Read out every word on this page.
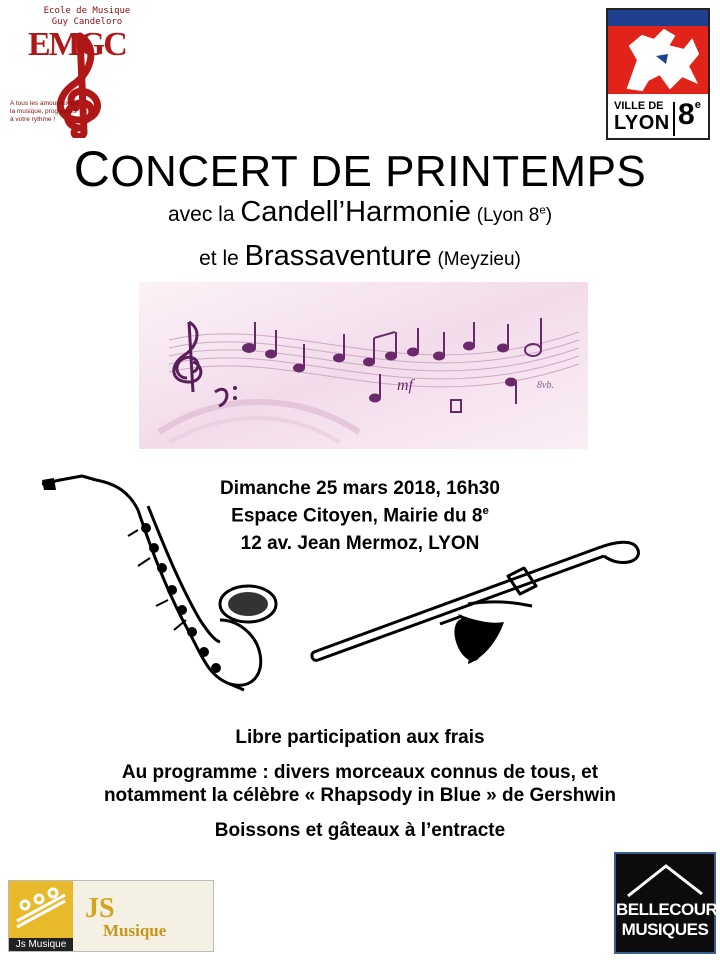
Ecole de Musique
Guy Candeloro
EMGC
A tous les amoureux de la musique, progressez à votre rythme !
VILLE DE
LYON 8e
CONCERT DE PRINTEMPS
avec la Candell’Harmonie (Lyon 8e)
et le Brassaventure (Meyzieu)
mf	8vb.
Dimanche 25 mars 2018, 16h30
Espace Citoyen, Mairie du 8e
12 av. Jean Mermoz, LYON
Libre participation aux frais
Au programme : divers morceaux connus de tous, et
notamment la célèbre « Rhapsody in Blue » de Gershwin
Boissons et gâteaux à l’entracte
Js Musique
JS
Musique
BELLECOUR
MUSIQUES
